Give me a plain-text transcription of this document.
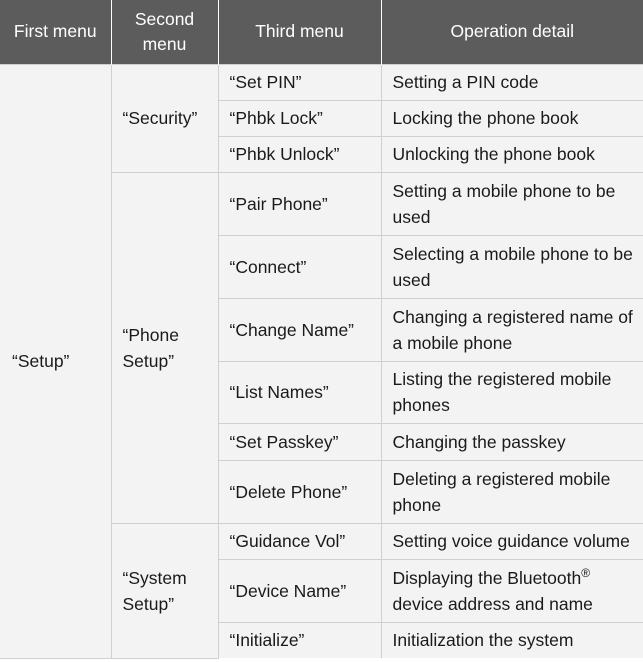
First menu	Second menu	Third menu	Operation detail
“Setup”	“Security”	“Set PIN”	Setting a PIN code
		“Phbk Lock”	Locking the phone book
		“Phbk Unlock”	Unlocking the phone book
	“Phone Setup”	“Pair Phone”	Setting a mobile phone to be used
		“Connect”	Selecting a mobile phone to be used
		“Change Name”	Changing a registered name of a mobile phone
		“List Names”	Listing the registered mobile phones
		“Set Passkey”	Changing the passkey
		“Delete Phone”	Deleting a registered mobile phone
	“System Setup”	“Guidance Vol”	Setting voice guidance volume
		“Device Name”	Displaying the Bluetooth® device address and name
		“Initialize”	Initialization the system
